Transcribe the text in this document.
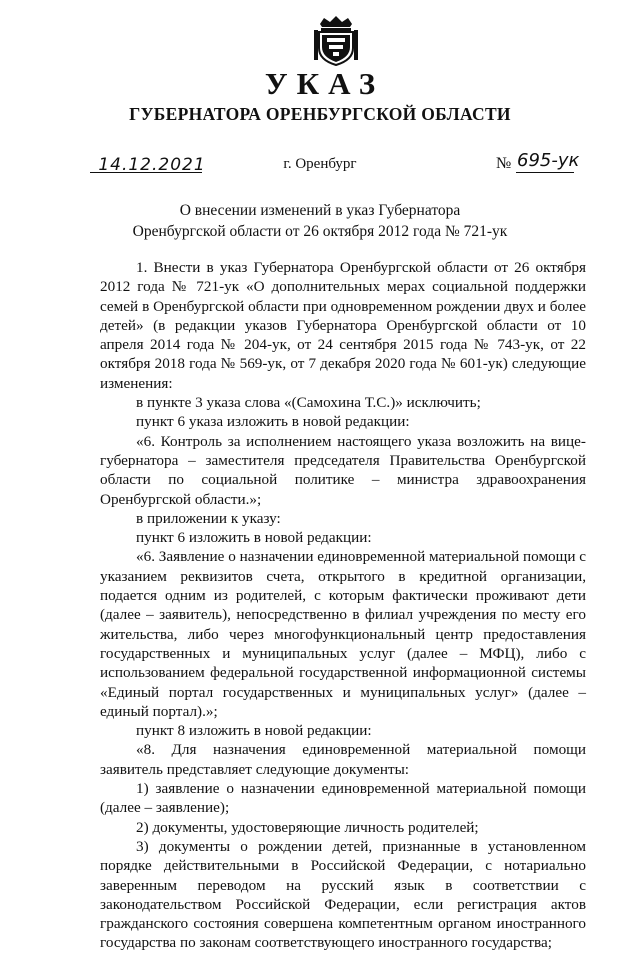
УКАЗ
ГУБЕРНАТОРА ОРЕНБУРГСКОЙ ОБЛАСТИ
14.12.2021	г. Оренбург	№ 695-ук
О внесении изменений в указ Губернатора
Оренбургской области от 26 октября 2012 года № 721-ук

1. Внести в указ Губернатора Оренбургской области от 26 октября 2012 года № 721-ук «О дополнительных мерах социальной поддержки семей в Оренбургской области при одновременном рождении двух и более детей» (в редакции указов Губернатора Оренбургской области от 10 апреля 2014 года № 204-ук, от 24 сентября 2015 года № 743-ук, от 22 октября 2018 года № 569-ук, от 7 декабря 2020 года № 601-ук) следующие изменения:

в пункте 3 указа слова «(Самохина Т.С.)» исключить;

пункт 6 указа изложить в новой редакции:

«6. Контроль за исполнением настоящего указа возложить на вице-губернатора – заместителя председателя Правительства Оренбургской области по социальной политике – министра здравоохранения Оренбургской области.»;

в приложении к указу:

пункт 6 изложить в новой редакции:

«6. Заявление о назначении единовременной материальной помощи с указанием реквизитов счета, открытого в кредитной организации, подается одним из родителей, с которым фактически проживают дети (далее – заявитель), непосредственно в филиал учреждения по месту его жительства, либо через многофункциональный центр предоставления государственных и муниципальных услуг (далее – МФЦ), либо с использованием федеральной государственной информационной системы «Единый портал государственных и муниципальных услуг» (далее – единый портал).»;

пункт 8 изложить в новой редакции:

«8. Для назначения единовременной материальной помощи заявитель представляет следующие документы:

1) заявление о назначении единовременной материальной помощи (далее – заявление);

2) документы, удостоверяющие личность родителей;

3) документы о рождении детей, признанные в установленном порядке действительными в Российской Федерации, с нотариально заверенным переводом на русский язык в соответствии с законодательством Российской Федерации, если регистрация актов гражданского состояния совершена компетентным органом иностранного государства по законам соответствующего иностранного государства;
